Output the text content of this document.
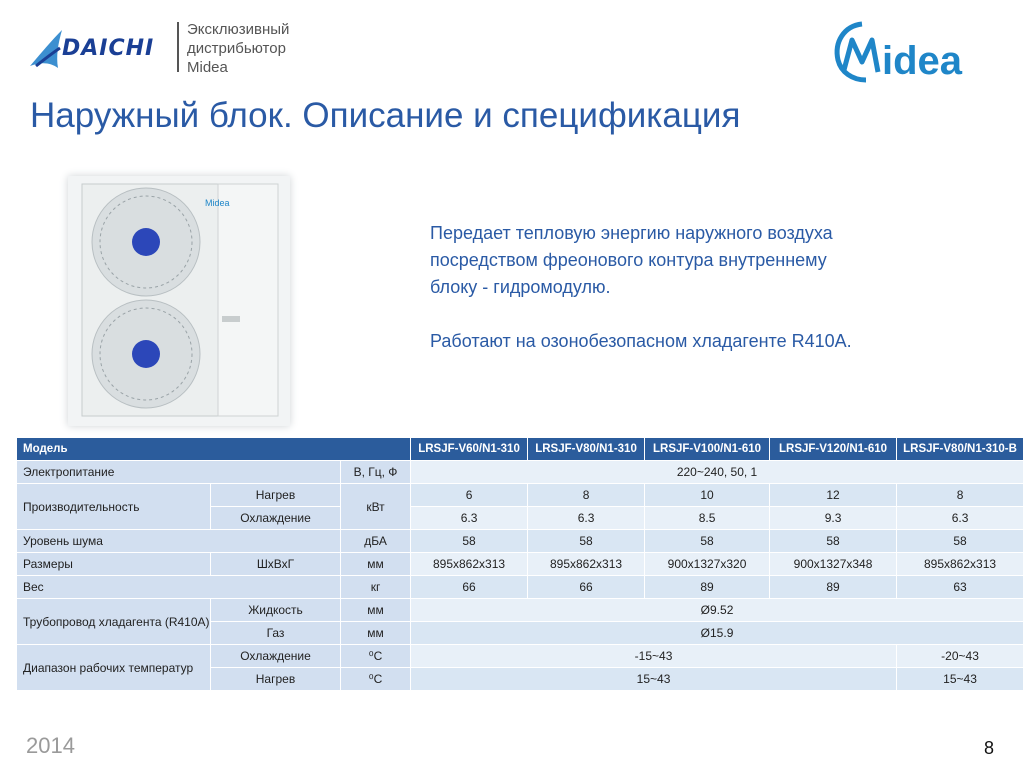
DAICHI
Эксклюзивный
дистрибьютор
Midea	idea
Наружный блок. Описание и спецификация
Midea

Передает тепловую энергию наружного воздуха

посредством фреонового контура внутреннему

блоку - гидромодулю.

Работают на озонобезопасном хладагенте R410A.

Модель			LRSJF-V60/N1-310	LRSJF-V80/N1-310	LRSJF-V100/N1-610	LRSJF-V120/N1-610	LRSJF-V80/N1-310-B
Электропитание		В, Гц, Ф	220~240, 50, 1				
Производительность	Нагрев	кВт	6	8	10	12	8
	Охлаждение		6.3	6.3	8.5	9.3	6.3
Уровень шума		дБА	58	58	58	58	58
Размеры	ШхВхГ	мм	895x862x313	895x862x313	900x1327x320	900x1327x348	895x862x313
Вес		кг	66	66	89	89	63
Трубопровод хладагента (R410A)	Жидкость	мм	Ø9.52				
	Газ	мм	Ø15.9				
Диапазон рабочих температур	Охлаждение	⁰С	-15~43				-20~43
	Нагрев	⁰С	15~43				15~43
2014	8
